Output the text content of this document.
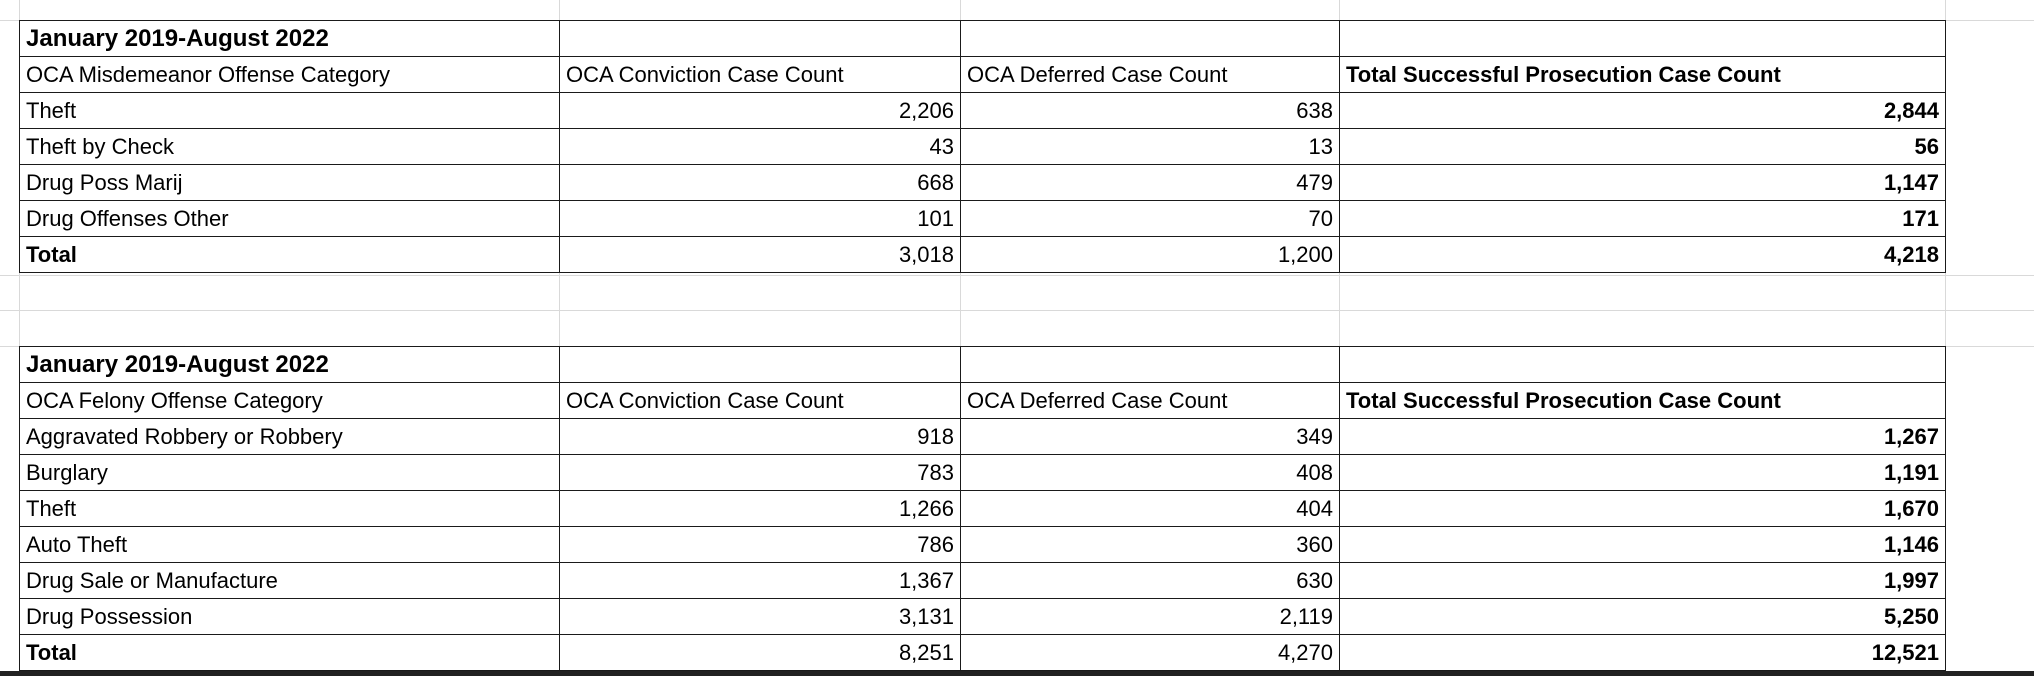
January 2019-August 2022			
OCA Misdemeanor Offense Category	OCA Conviction Case Count	OCA Deferred Case Count	Total Successful Prosecution Case Count
Theft	2,206	638	2,844
Theft by Check	43	13	56
Drug Poss Marij	668	479	1,147
Drug Offenses Other	101	70	171
Total	3,018	1,200	4,218
January 2019-August 2022			
OCA Felony Offense Category	OCA Conviction Case Count	OCA Deferred Case Count	Total Successful Prosecution Case Count
Aggravated Robbery or Robbery	918	349	1,267
Burglary	783	408	1,191
Theft	1,266	404	1,670
Auto Theft	786	360	1,146
Drug Sale or Manufacture	1,367	630	1,997
Drug Possession	3,131	2,119	5,250
Total	8,251	4,270	12,521
